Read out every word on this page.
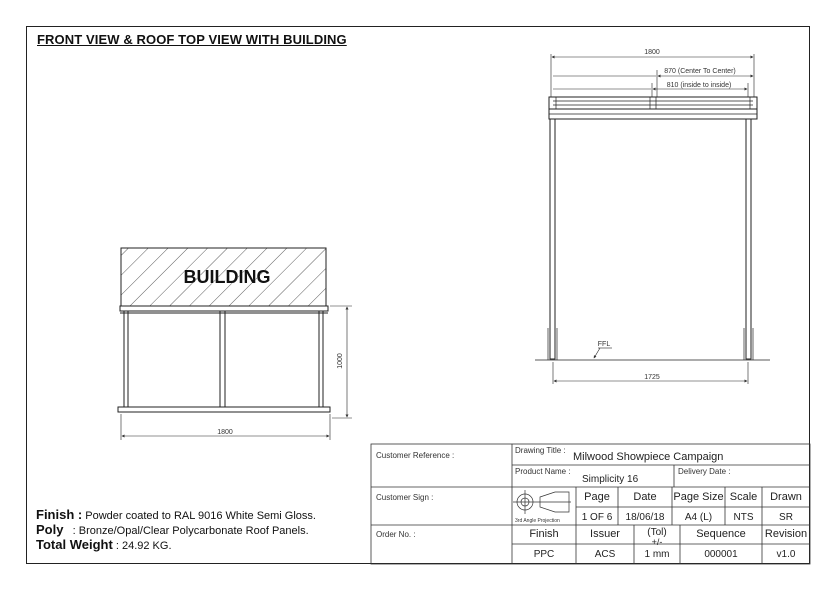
FRONT VIEW & ROOF TOP VIEW WITH BUILDING
BUILDING
1800
1000
1800
870 (Center To Center)
810 (inside to inside)
FFL
1725
Customer Reference :
Drawing Title :
Milwood Showpiece Campaign
Product Name :
Simplicity 16
Delivery Date :
Customer Sign :
3rd Angle Projection
Order No. :
Page
1 OF 6
Date
18/06/18
Page Size
A4 (L)
Scale
NTS
Drawn
SR
Finish
PPC
Issuer
ACS
(Tol)
+/-
1 mm
Sequence
000001
Revision
v1.0
Finish : Powder coated to RAL 9016 White Semi Gloss.
Poly : Bronze/Opal/Clear Polycarbonate Roof Panels.
Total Weight : 24.92 KG.
